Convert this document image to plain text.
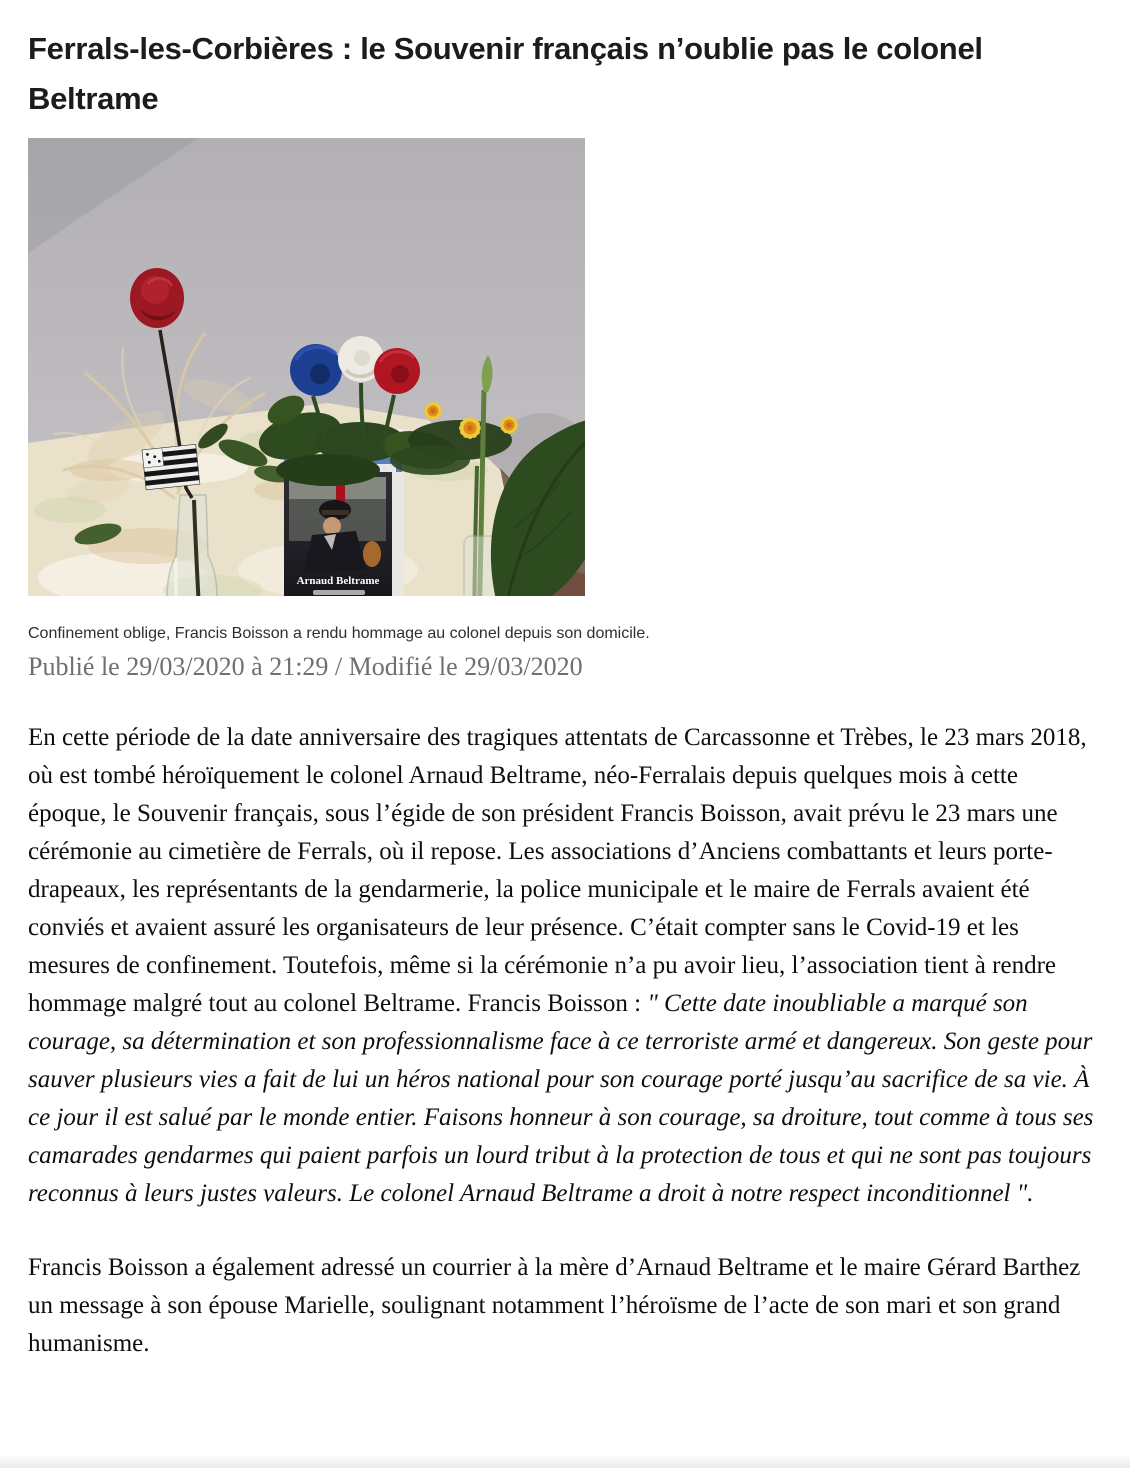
Ferrals-les-Corbières : le Souvenir français n’oublie pas le colonel Beltrame
Arnaud Beltrame
Confinement oblige, Francis Boisson a rendu hommage au colonel depuis son domicile.
Publié le 29/03/2020 à 21:29 / Modifié le 29/03/2020

En cette période de la date anniversaire des tragiques attentats de Carcassonne et Trèbes, le 23 mars 2018, où est tombé héroïquement le colonel Arnaud Beltrame, néo-Ferralais depuis quelques mois à cette époque, le Souvenir français, sous l’égide de son président Francis Boisson, avait prévu le 23 mars une cérémonie au cimetière de Ferrals, où il repose. Les associations d’Anciens combattants et leurs porte-drapeaux, les représentants de la gendarmerie, la police municipale et le maire de Ferrals avaient été conviés et avaient assuré les organisateurs de leur présence. C’était compter sans le Covid-19 et les mesures de confinement. Toutefois, même si la cérémonie n’a pu avoir lieu, l’association tient à rendre hommage malgré tout au colonel Beltrame. Francis Boisson : " Cette date inoubliable a marqué son courage, sa détermination et son professionnalisme face à ce terroriste armé et dangereux. Son geste pour sauver plusieurs vies a fait de lui un héros national pour son courage porté jusqu’au sacrifice de sa vie. À ce jour il est salué par le monde entier. Faisons honneur à son courage, sa droiture, tout comme à tous ses camarades gendarmes qui paient parfois un lourd tribut à la protection de tous et qui ne sont pas toujours reconnus à leurs justes valeurs. Le colonel Arnaud Beltrame a droit à notre respect inconditionnel ".

Francis Boisson a également adressé un courrier à la mère d’Arnaud Beltrame et le maire Gérard Barthez un message à son épouse Marielle, soulignant notamment l’héroïsme de l’acte de son mari et son grand humanisme.
